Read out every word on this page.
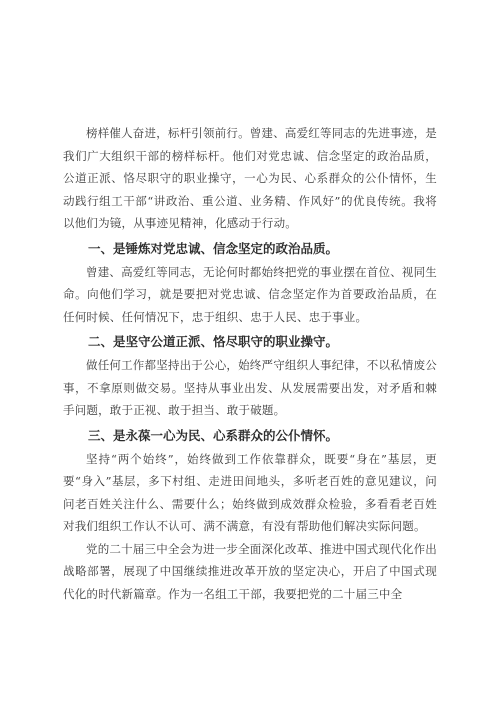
榜样催人奋进，标杆引领前行。曾建、高爱红等同志的先进事迹，是我们广大组织干部的榜样标杆。他们对党忠诚、信念坚定的政治品质，公道正派、恪尽职守的职业操守，一心为民、心系群众的公仆情怀，生动践行组工干部“讲政治、重公道、业务精、作风好”的优良传统。我将以他们为镜，从事迹见精神，化感动于行动。

一、是锤炼对党忠诚、信念坚定的政治品质。

曾建、高爱红等同志，无论何时都始终把党的事业摆在首位、视同生命。向他们学习，就是要把对党忠诚、信念坚定作为首要政治品质，在任何时候、任何情况下，忠于组织、忠于人民、忠于事业。

二、是坚守公道正派、恪尽职守的职业操守。

做任何工作都坚持出于公心，始终严守组织人事纪律，不以私情废公事，不拿原则做交易。坚持从事业出发、从发展需要出发，对矛盾和棘手问题，敢于正视、敢于担当、敢于破题。

三、是永葆一心为民、心系群众的公仆情怀。

坚持“两个始终”，始终做到工作依靠群众，既要“身在”基层，更要“身入”基层，多下村组、走进田间地头，多听老百姓的意见建议，问问老百姓关注什么、需要什么；始终做到成效群众检验，多看看老百姓对我们组织工作认不认可、满不满意，有没有帮助他们解决实际问题。

党的二十届三中全会为进一步全面深化改革、推进中国式现代化作出战略部署，展现了中国继续推进改革开放的坚定决心，开启了中国式现代化的时代新篇章。作为一名组工干部，我要把党的二十届三中全
